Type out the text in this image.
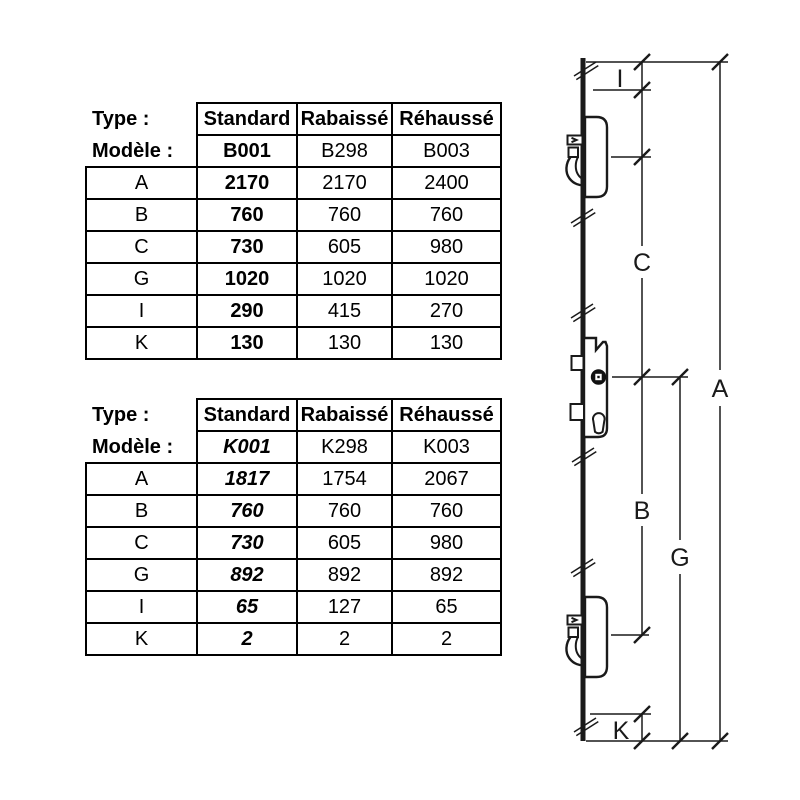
Type :	Standard	Rabaissé	Réhaussé
Modèle :	B001	B298	B003
A	2170	2170	2400
B	760	760	760
C	730	605	980
G	1020	1020	1020
I	290	415	270
K	130	130	130
Type :	Standard	Rabaissé	Réhaussé
Modèle :	K001	K298	K003
A	1817	1754	2067
B	760	760	760
C	730	605	980
G	892	892	892
I	65	127	65
K	2	2	2
I
C
A
B
G
K
